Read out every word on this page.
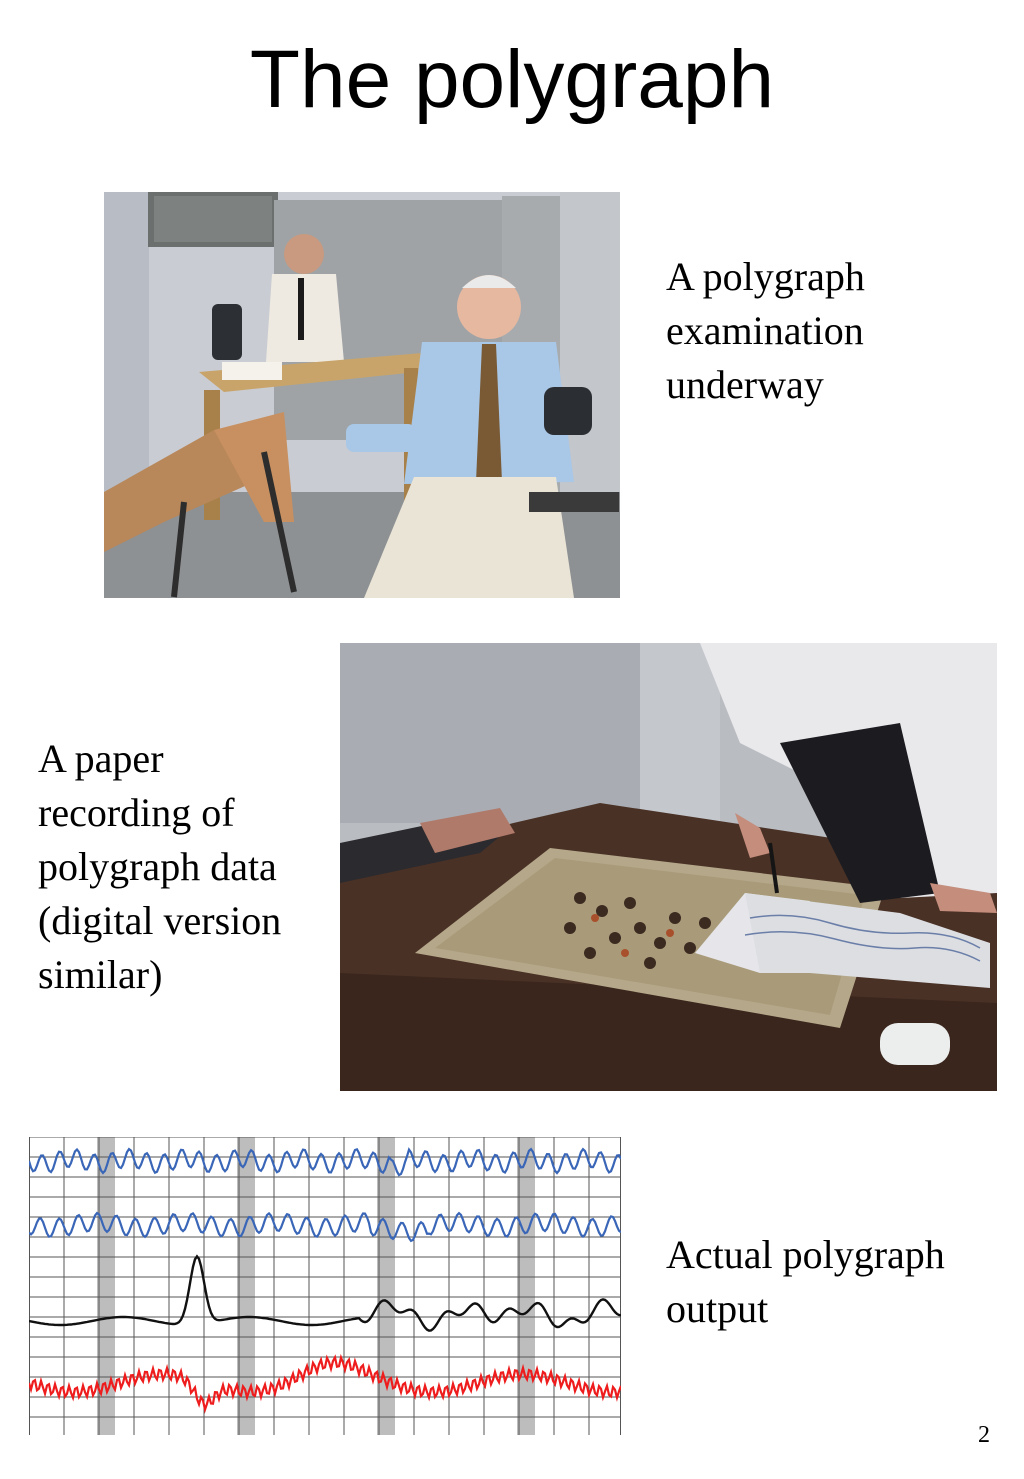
The polygraph

A polygraph
examination
underway

A paper
recording of
polygraph data
(digital version
similar)

Actual polygraph
output

2
